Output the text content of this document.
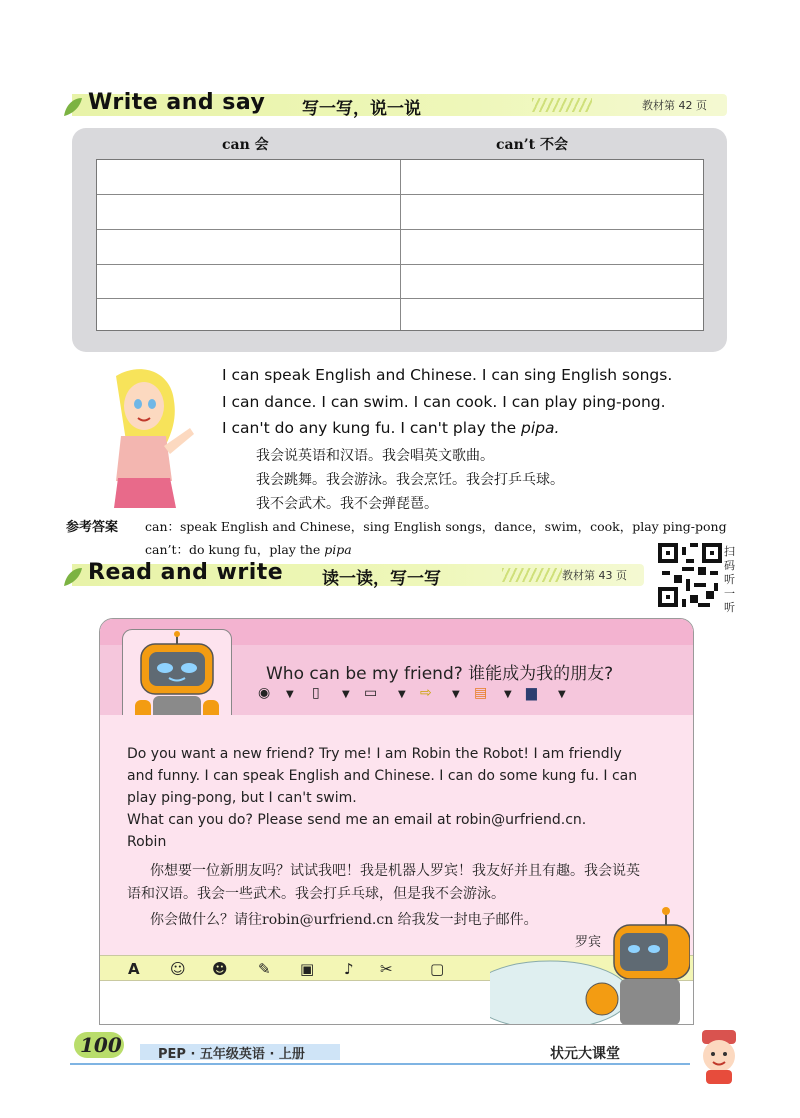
Write and say 写一写，说一说	教材第 42 页
can 会	can’t 不会
I can speak English and Chinese. I can sing English songs.
I can dance. I can swim. I can cook. I can play ping-pong.
I can't do any kung fu. I can't play the pipa.
我会说英语和汉语。我会唱英文歌曲。
我会跳舞。我会游泳。我会烹饪。我会打乒乓球。
我不会武术。我不会弹琵琶。
参考答案 can：speak English and Chinese，sing English songs，dance，swim，cook，play ping-pong
can’t：do kung fu，play the pipa	扫码听一听
Read and write 读一读，写一写	教材第 43 页
Who can be my friend? 谁能成为我的朋友?
◉ ▼ ▯ ▼ ▭ ▼ ⇨ ▼ ▤ ▼ ▆ ▼
Do you want a new friend? Try me! I am Robin the Robot! I am friendly
and funny. I can speak English and Chinese. I can do some kung fu. I can
play ping-pong, but I can't swim.
What can you do? Please send me an email at robin@urfriend.cn.
Robin
你想要一位新朋友吗？试试我吧！我是机器人罗宾！我友好并且有趣。我会说英
语和汉语。我会一些武术。我会打乒乓球，但是我不会游泳。
你会做什么？请往robin@urfriend.cn 给我发一封电子邮件。
罗宾
A ☺ ☻ ✎ ▣ ♪ ✂ ▢
100	PEP · 五年级英语 · 上册	状元大课堂
